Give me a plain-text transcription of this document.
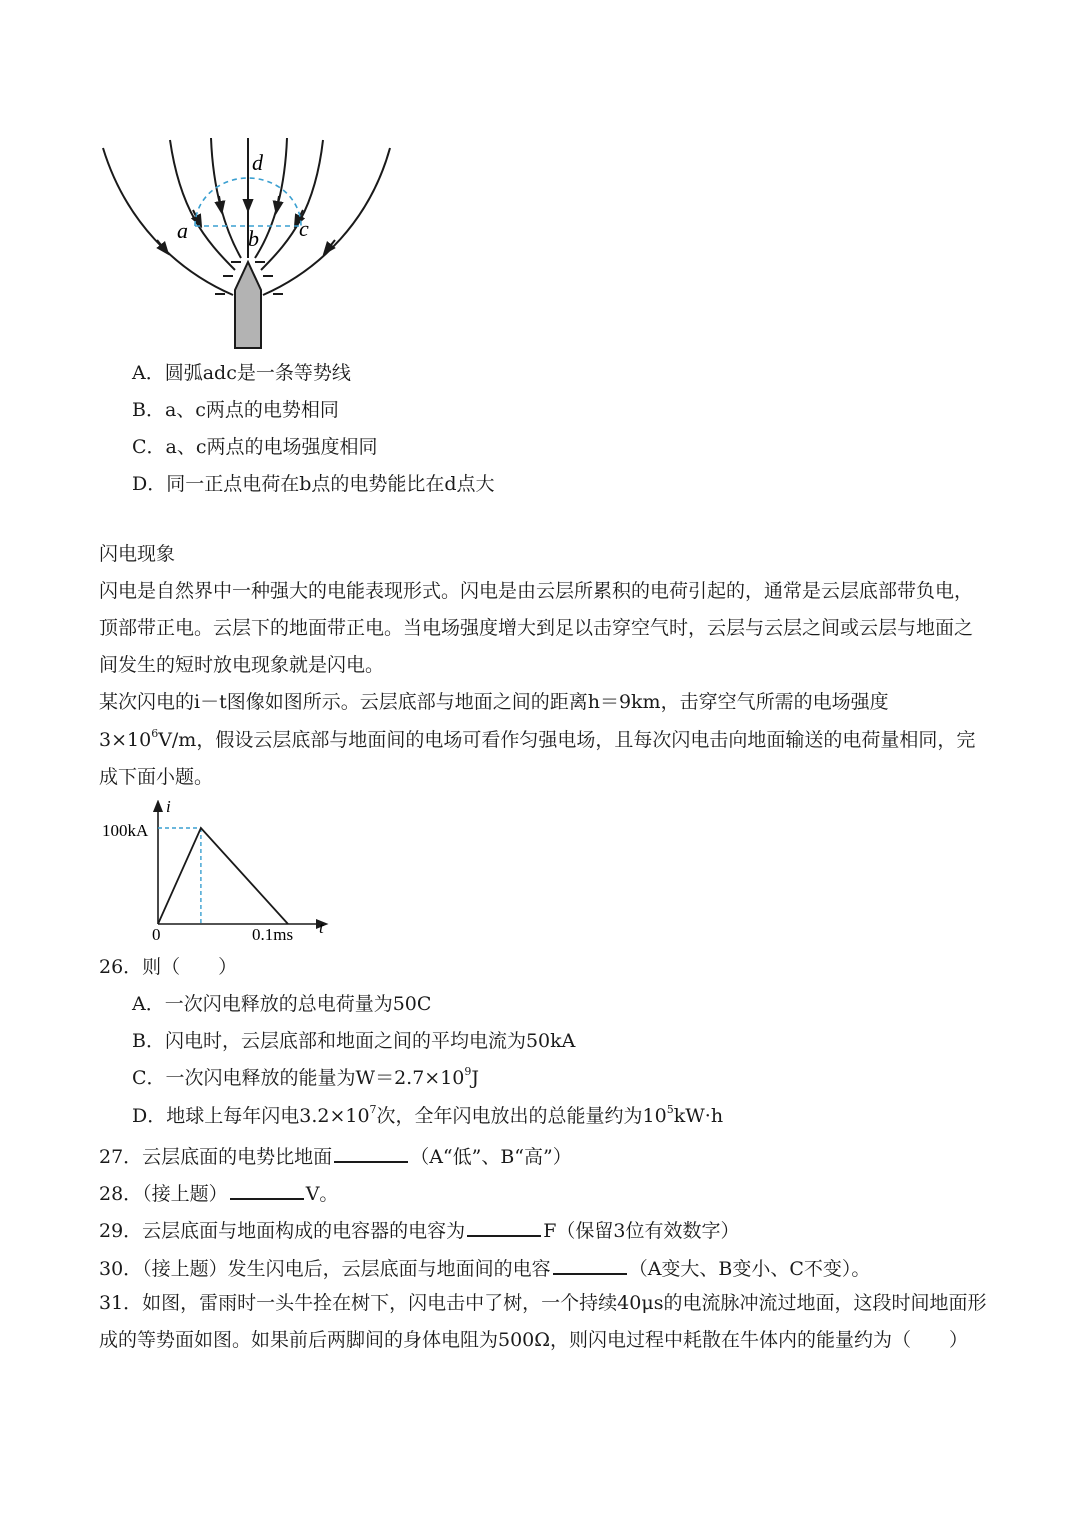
d
a	b c
A．圆弧adc是一条等势线
B．a、c两点的电势相同
C．a、c两点的电场强度相同
D．同一正点电荷在b点的电势能比在d点大
闪电现象
闪电是自然界中一种强大的电能表现形式。闪电是由云层所累积的电荷引起的，通常是云层底部带负电，
顶部带正电。云层下的地面带正电。当电场强度增大到足以击穿空气时，云层与云层之间或云层与地面之
间发生的短时放电现象就是闪电。
某次闪电的i－t图像如图所示。云层底部与地面之间的距离h＝9km，击穿空气所需的电场强度
$3\times 10^6V/m$，假设云层底部与地面间的电场可看作匀强电场，且每次闪电击向地面输送的电荷量相同，完
成下面小题。
i
t
100kA
0	0.1ms
26．则（　　）
A．一次闪电释放的总电荷量为50C
B．闪电时，云层底部和地面之间的平均电流为50kA
C．一次闪电释放的能量为$W=2.7\times 10^9J$
D．地球上每年闪电$3.2\times 10^7$次，全年闪电放出的总能量约为$10^5kW\cdot h$
27．云层底面的电势比地面	（A“低”、B“高”）
28．（接上题）	V。
29．云层底面与地面构成的电容器的电容为	F（保留3位有效数字）
30．（接上题）发生闪电后，云层底面与地面间的电容	（A变大、B变小、C不变）。
31．如图，雷雨时一头牛拴在树下，闪电击中了树，一个持续40μs的电流脉冲流过地面，这段时间地面形
成的等势面如图。如果前后两脚间的身体电阻为500Ω，则闪电过程中耗散在牛体内的能量约为（　　）
